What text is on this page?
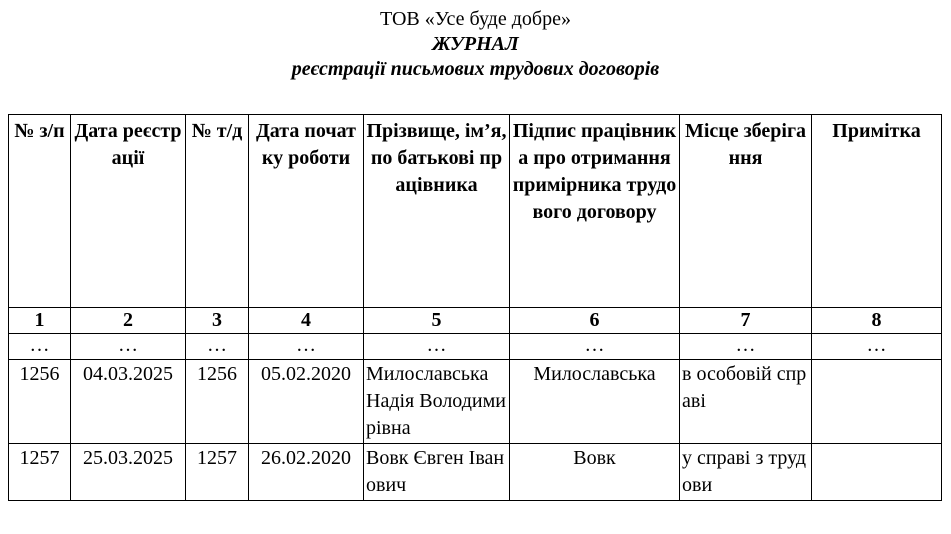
ТОВ «Усе буде добре»
ЖУРНАЛ
реєстрації письмових трудових договорів
№ з/п	Дата реєстрації	№ т/д	Дата початку роботи	Прізвище, ім’я, по батькові працівника	Підпис працівника про отримання примірника трудового договору	Місце зберігання	Примітка
1	2	3	4	5	6	7	8
…	…	…	…	…	…	…	…
1256	04.03.2025	1256	05.02.2020	Милославська Надія Володимирівна	Милославська	в особовій справі	
1257	25.03.2025	1257	26.02.2020	Вовк Євген Іванович	Вовк	у справі з трудови	
